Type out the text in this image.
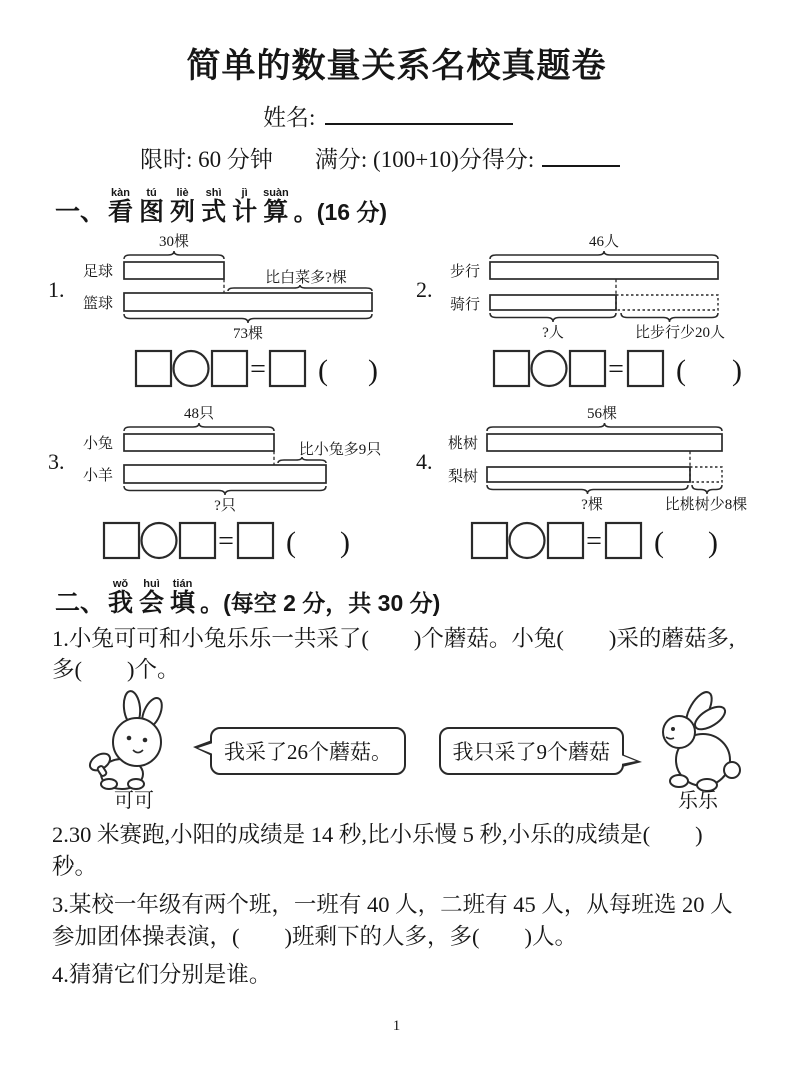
简单的数量关系名校真题卷
姓名:
限时: 60 分钟 满分: (100+10)分得分:
一、
kàn
看
tú
图
liè
列
shì
式
jì
计
suàn
算 。(16 分)
1.
30棵
足球	比白菜多?棵
篮球
73棵
= ( )
2.
46人
步行
骑行
?人	比步行少20人
= ( )
3.
48只
小兔	比小兔多9只
小羊
?只
= ( )
4.
56棵
桃树
梨树
?棵	比桃树少8棵
= ( )
二、
wǒ
我
huì
会
tián
填 。(每空 2 分，共 30 分)

1.小兔可可和小兔乐乐一共采了(        )个蘑菇。小兔(        )采的蘑菇多, 多(        )个。

可可
我采了26个蘑菇。	我只采了9个蘑菇
乐乐

2.30 米赛跑,小阳的成绩是 14 秒,比小乐慢 5 秒,小乐的成绩是(        )秒。

3.某校一年级有两个班，一班有 40 人，二班有 45 人，从每班选 20 人参加团体操表演，(        )班剩下的人多，多(        )人。

4.猜猜它们分别是谁。

1
